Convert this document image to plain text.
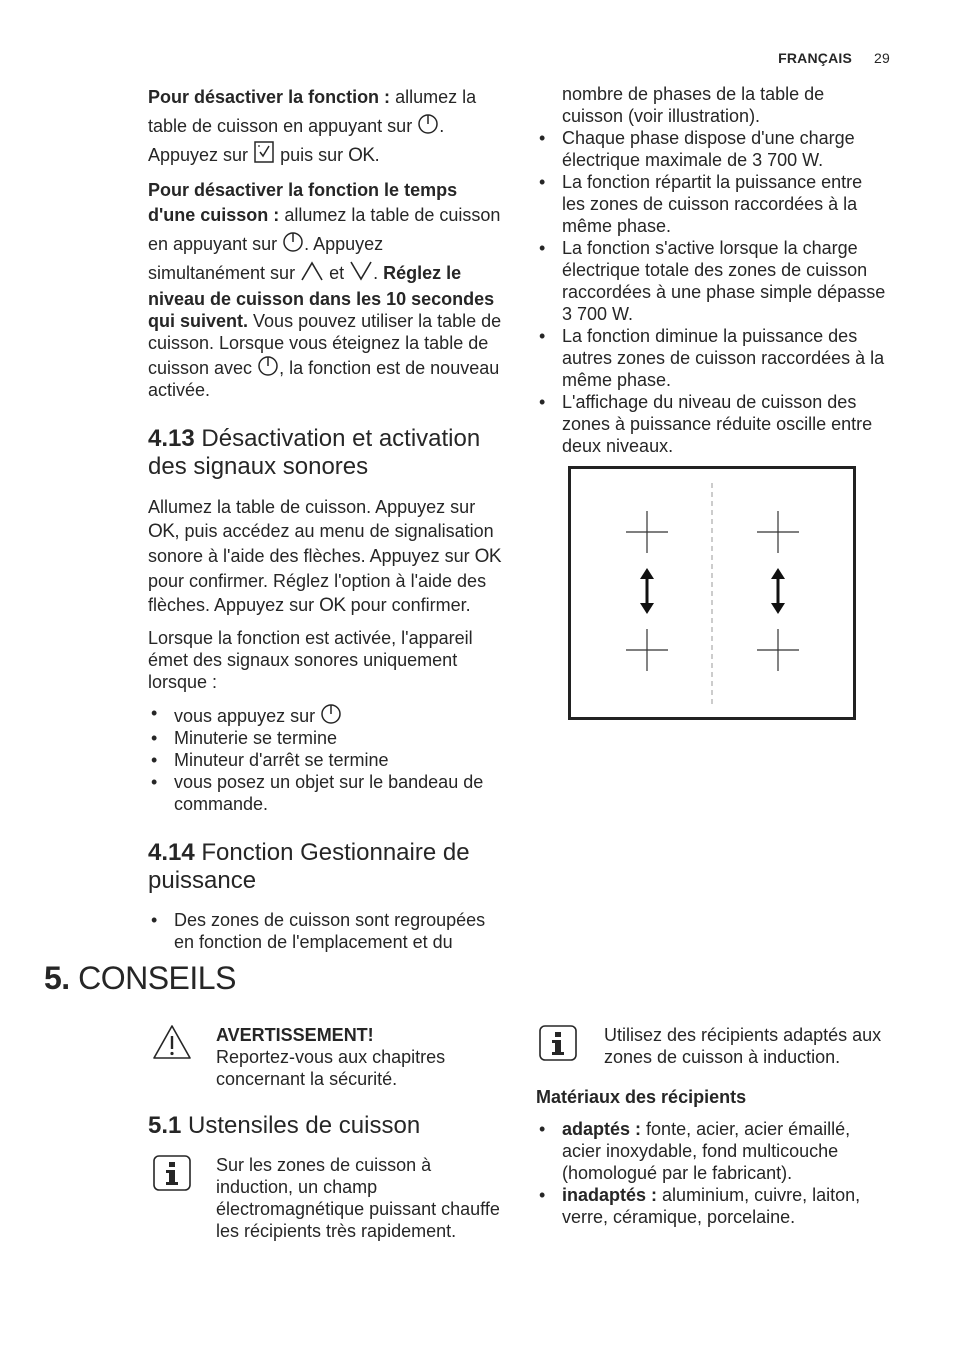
FRANÇAIS 29

Pour désactiver la fonction : allumez la table de cuisson en appuyant sur . Appuyez sur puis sur OK.

Pour désactiver la fonction le temps d'une cuisson : allumez la table de cuisson en appuyant sur . Appuyez simultanément sur et . Réglez le niveau de cuisson dans les 10 secondes qui suivent. Vous pouvez utiliser la table de cuisson. Lorsque vous éteignez la table de cuisson avec , la fonction est de nouveau activée.

4.13 Désactivation et activation des signaux sonores

Allumez la table de cuisson. Appuyez sur OK, puis accédez au menu de signalisation sonore à l'aide des flèches. Appuyez sur OK pour confirmer. Réglez l'option à l'aide des flèches. Appuyez sur OK pour confirmer.

Lorsque la fonction est activée, l'appareil émet des signaux sonores uniquement lorsque :

• vous appuyez sur
• Minuterie se termine
• Minuteur d'arrêt se termine
• vous posez un objet sur le bandeau de commande.
4.14 Fonction Gestionnaire de puissance
• Des zones de cuisson sont regroupées en fonction de l'emplacement et du
nombre de phases de la table de cuisson (voir illustration).
• Chaque phase dispose d'une charge électrique maximale de 3 700 W.
• La fonction répartit la puissance entre les zones de cuisson raccordées à la même phase.
• La fonction s'active lorsque la charge électrique totale des zones de cuisson raccordées à une phase simple dépasse 3 700 W.
• La fonction diminue la puissance des autres zones de cuisson raccordées à la même phase.
• L'affichage du niveau de cuisson des zones à puissance réduite oscille entre deux niveaux.
5. CONSEILS
AVERTISSEMENT!
Reportez-vous aux chapitres concernant la sécurité.
5.1 Ustensiles de cuisson
Sur les zones de cuisson à induction, un champ électromagnétique puissant chauffe les récipients très rapidement.
Utilisez des récipients adaptés aux zones de cuisson à induction.

Matériaux des récipients

• adaptés : fonte, acier, acier émaillé, acier inoxydable, fond multicouche (homologué par le fabricant).
• inadaptés : aluminium, cuivre, laiton, verre, céramique, porcelaine.
